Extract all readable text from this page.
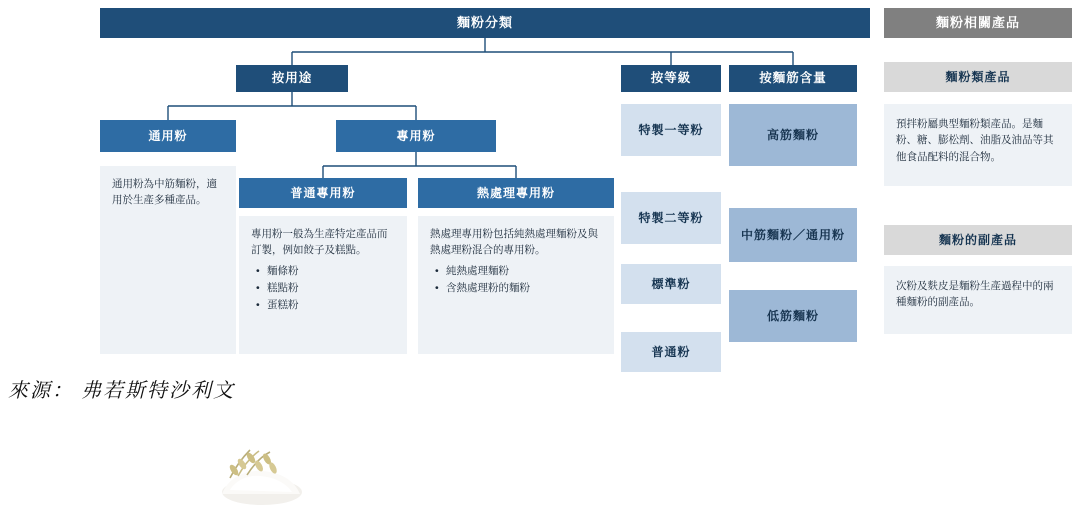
麵粉分類	麵粉相關產品
按用途	按等級	按麵筋含量
通用粉	專用粉
普通專用粉	熱處理專用粉
特製一等粉
特製二等粉
標準粉
普通粉
高筋麵粉
中筋麵粉／通用粉
低筋麵粉
通用粉為中筋麵粉，適用於生產多種產品。
專用粉一般為生產特定產品而訂製，例如餃子及糕點。
• 麵條粉
• 糕點粉
• 蛋糕粉
熱處理專用粉包括純熱處理麵粉及與熱處理粉混合的專用粉。
• 純熱處理麵粉
• 含熱處理粉的麵粉
麵粉類產品
預拌粉屬典型麵粉類產品。是麵粉、糖、膨松劑、油脂及油品等其他食品配料的混合物。
麵粉的副產品
次粉及麩皮是麵粉生產過程中的兩種麵粉的副產品。
來源： 弗若斯特沙利文
